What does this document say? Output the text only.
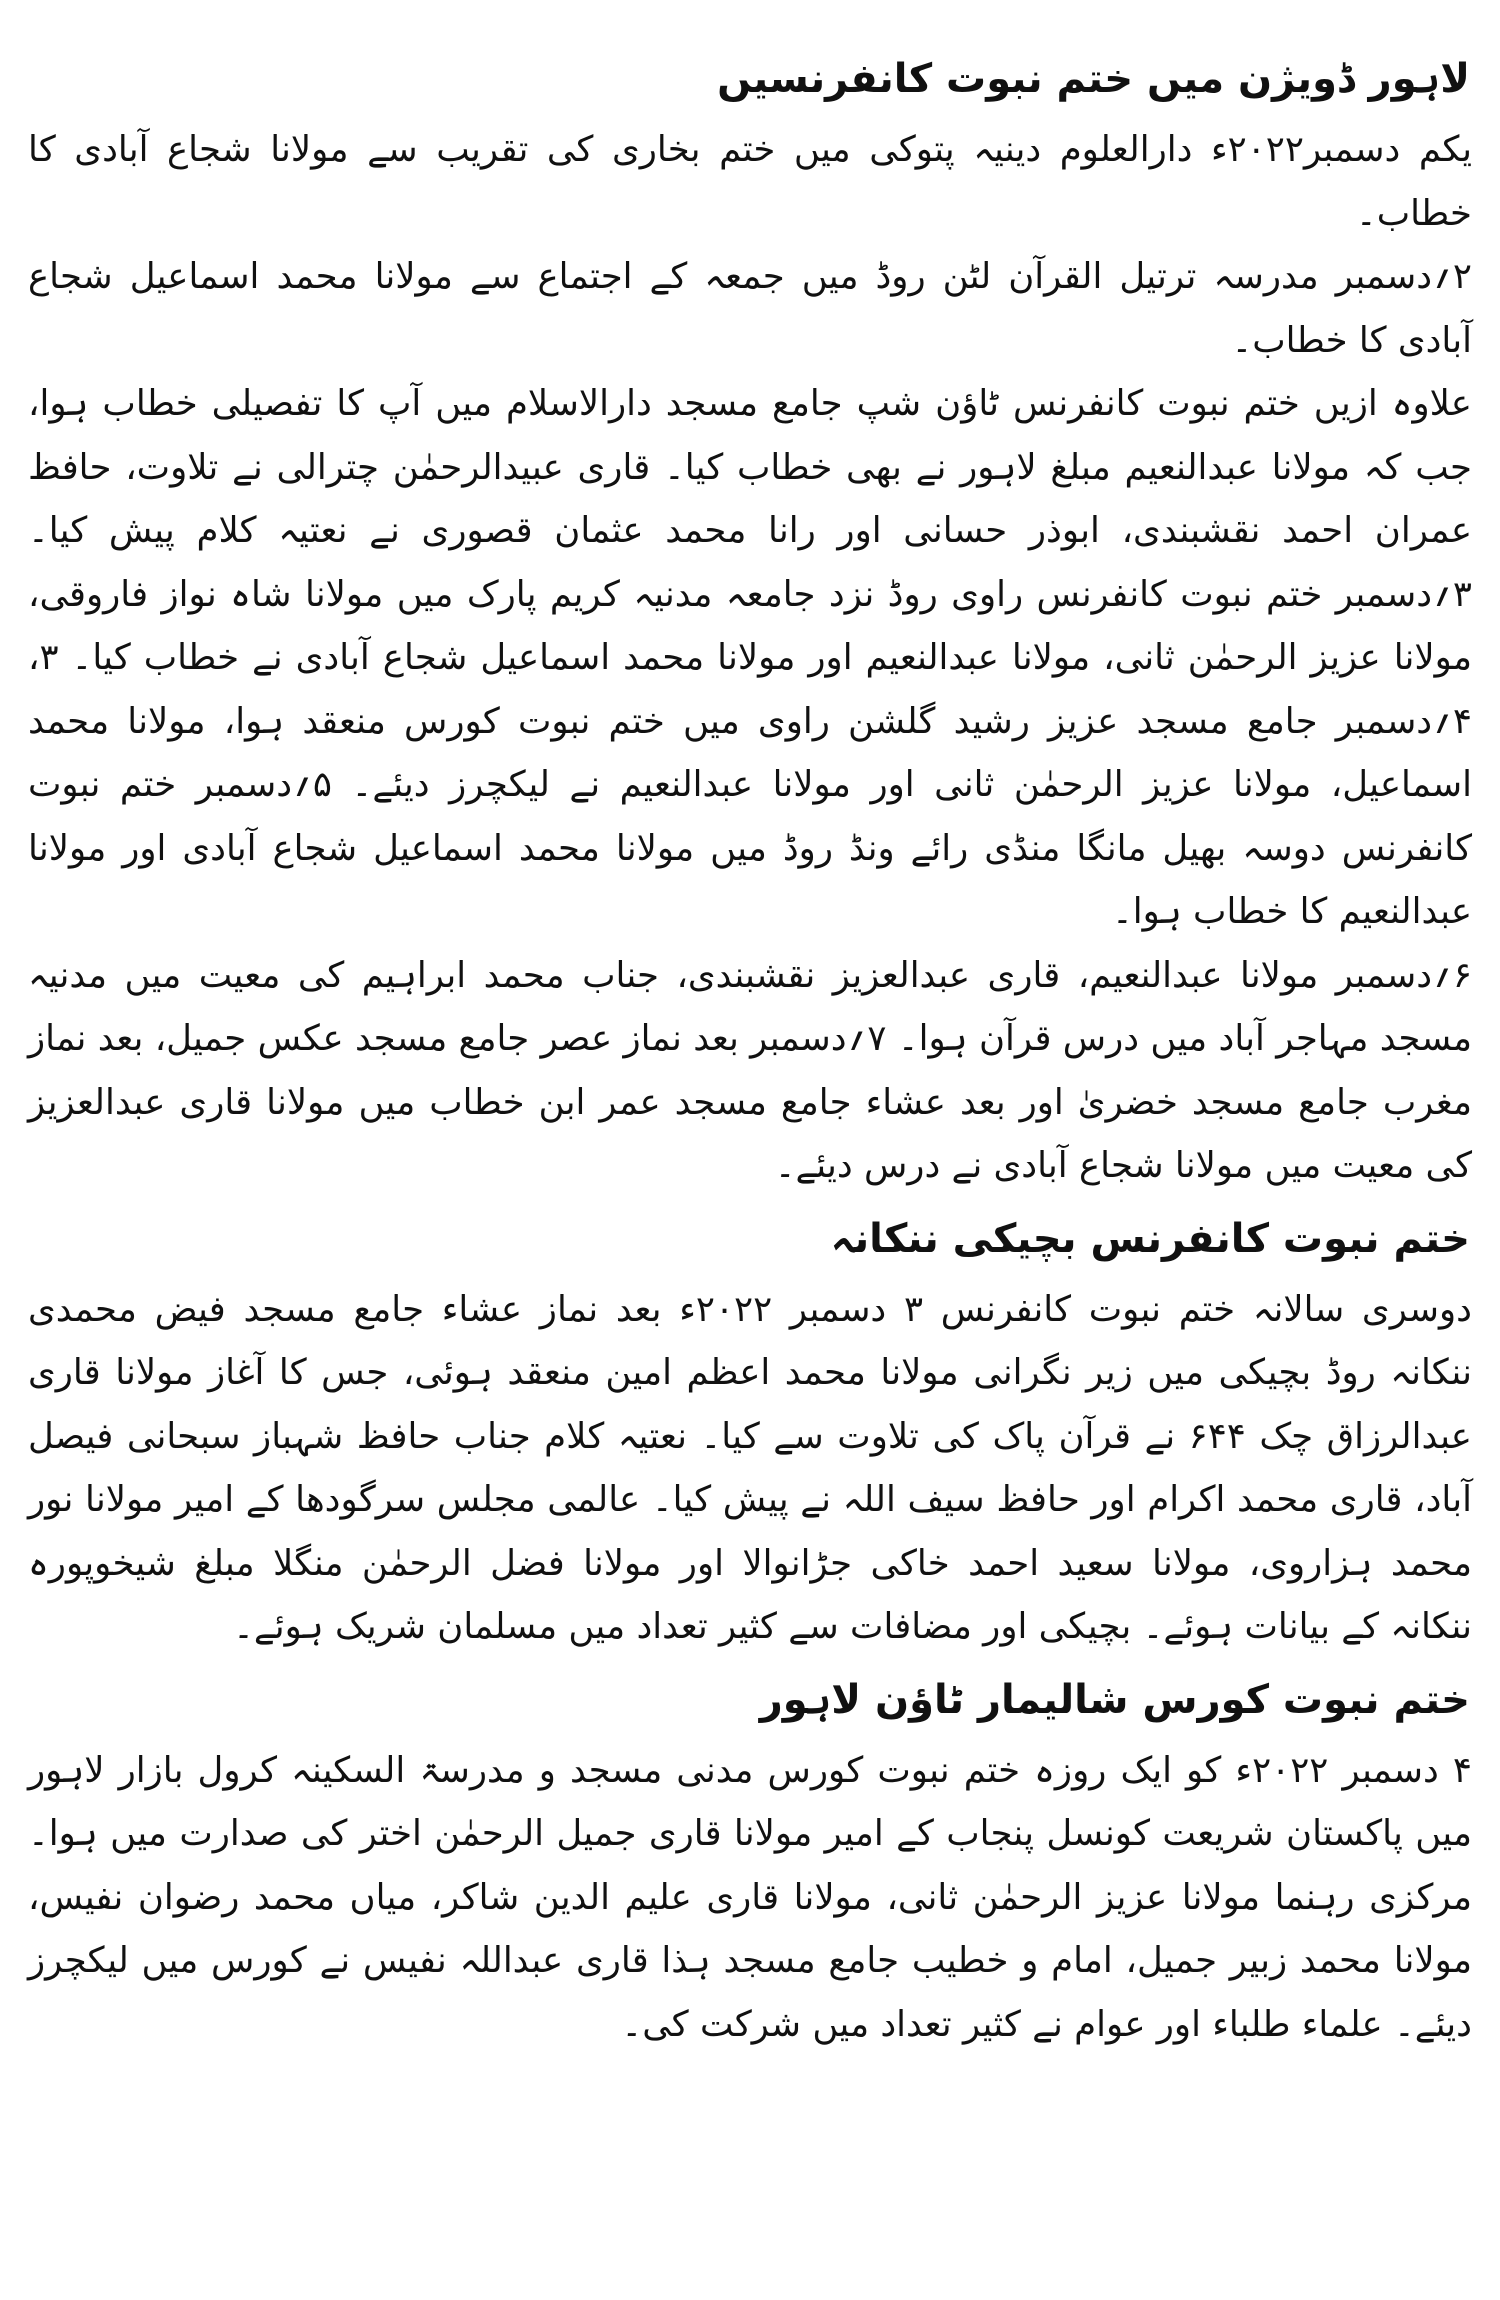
لاہور ڈویژن میں ختم نبوت کانفرنسیں

یکم دسمبر۲۰۲۲ء دارالعلوم دینیہ پتوکی میں ختم بخاری کی تقریب سے مولانا شجاع آبادی کا خطاب۔

۲؍دسمبر مدرسہ ترتیل القرآن لٹن روڈ میں جمعہ کے اجتماع سے مولانا محمد اسماعیل شجاع آبادی کا خطاب۔

علاوہ ازیں ختم نبوت کانفرنس ٹاؤن شپ جامع مسجد دارالاسلام میں آپ کا تفصیلی خطاب ہوا، جب کہ مولانا عبدالنعیم مبلغ لاہور نے بھی خطاب کیا۔ قاری عبیدالرحمٰن چترالی نے تلاوت، حافظ عمران احمد نقشبندی، ابوذر حسانی اور رانا محمد عثمان قصوری نے نعتیہ کلام پیش کیا۔ ۳؍دسمبر ختم نبوت کانفرنس راوی روڈ نزد جامعہ مدنیہ کریم پارک میں مولانا شاہ نواز فاروقی، مولانا عزیز الرحمٰن ثانی، مولانا عبدالنعیم اور مولانا محمد اسماعیل شجاع آبادی نے خطاب کیا۔ ۳، ۴؍دسمبر جامع مسجد عزیز رشید گلشن راوی میں ختم نبوت کورس منعقد ہوا، مولانا محمد اسماعیل، مولانا عزیز الرحمٰن ثانی اور مولانا عبدالنعیم نے لیکچرز دیئے۔ ۵؍دسمبر ختم نبوت کانفرنس دوسہ بھیل مانگا منڈی رائے ونڈ روڈ میں مولانا محمد اسماعیل شجاع آبادی اور مولانا عبدالنعیم کا خطاب ہوا۔

۶؍دسمبر مولانا عبدالنعیم، قاری عبدالعزیز نقشبندی، جناب محمد ابراہیم کی معیت میں مدنیہ مسجد مہاجر آباد میں درس قرآن ہوا۔ ۷؍دسمبر بعد نماز عصر جامع مسجد عکس جمیل، بعد نماز مغرب جامع مسجد خضریٰ اور بعد عشاء جامع مسجد عمر ابن خطاب میں مولانا قاری عبدالعزیز کی معیت میں مولانا شجاع آبادی نے درس دیئے۔

ختم نبوت کانفرنس بچیکی ننکانہ

دوسری سالانہ ختم نبوت کانفرنس ۳ دسمبر ۲۰۲۲ء بعد نماز عشاء جامع مسجد فیض محمدی ننکانہ روڈ بچیکی میں زیر نگرانی مولانا محمد اعظم امین منعقد ہوئی، جس کا آغاز مولانا قاری عبدالرزاق چک ۶۴۴ نے قرآن پاک کی تلاوت سے کیا۔ نعتیہ کلام جناب حافظ شہباز سبحانی فیصل آباد، قاری محمد اکرام اور حافظ سیف اللہ نے پیش کیا۔ عالمی مجلس سرگودھا کے امیر مولانا نور محمد ہزاروی، مولانا سعید احمد خاکی جڑانوالا اور مولانا فضل الرحمٰن منگلا مبلغ شیخوپورہ ننکانہ کے بیانات ہوئے۔ بچیکی اور مضافات سے کثیر تعداد میں مسلمان شریک ہوئے۔

ختم نبوت کورس شالیمار ٹاؤن لاہور

۴ دسمبر ۲۰۲۲ء کو ایک روزہ ختم نبوت کورس مدنی مسجد و مدرسۃ السکینہ کرول بازار لاہور میں پاکستان شریعت کونسل پنجاب کے امیر مولانا قاری جمیل الرحمٰن اختر کی صدارت میں ہوا۔ مرکزی رہنما مولانا عزیز الرحمٰن ثانی، مولانا قاری علیم الدین شاکر، میاں محمد رضوان نفیس، مولانا محمد زبیر جمیل، امام و خطیب جامع مسجد ہذا قاری عبداللہ نفیس نے کورس میں لیکچرز دیئے۔ علماء طلباء اور عوام نے کثیر تعداد میں شرکت کی۔
